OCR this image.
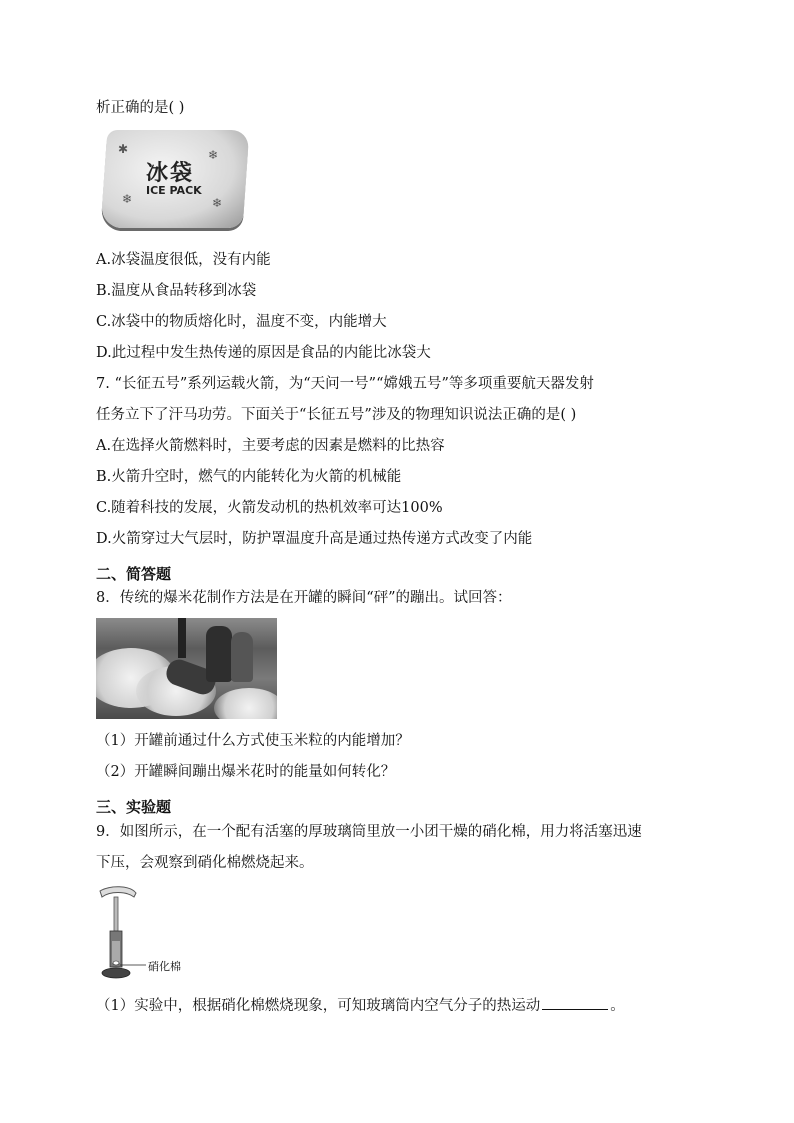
析正确的是( )
✱	❄
❄	❄
冰袋
ICE PACK
A.冰袋温度很低，没有内能
B.温度从食品转移到冰袋
C.冰袋中的物质熔化时，温度不变，内能增大
D.此过程中发生热传递的原因是食品的内能比冰袋大
7. “长征五号”系列运载火箭，为“天问一号”“嫦娥五号”等多项重要航天器发射
任务立下了汗马功劳。下面关于“长征五号”涉及的物理知识说法正确的是( )
A.在选择火箭燃料时，主要考虑的因素是燃料的比热容
B.火箭升空时，燃气的内能转化为火箭的机械能
C.随着科技的发展，火箭发动机的热机效率可达100%
D.火箭穿过大气层时，防护罩温度升高是通过热传递方式改变了内能
二、简答题
8．传统的爆米花制作方法是在开罐的瞬间“砰”的蹦出。试回答：
（1）开罐前通过什么方式使玉米粒的内能增加？
（2）开罐瞬间蹦出爆米花时的能量如何转化？
三、实验题
9．如图所示，在一个配有活塞的厚玻璃筒里放一小团干燥的硝化棉，用力将活塞迅速
下压，会观察到硝化棉燃烧起来。
硝化棉
（1）实验中，根据硝化棉燃烧现象，可知玻璃筒内空气分子的热运动	。
